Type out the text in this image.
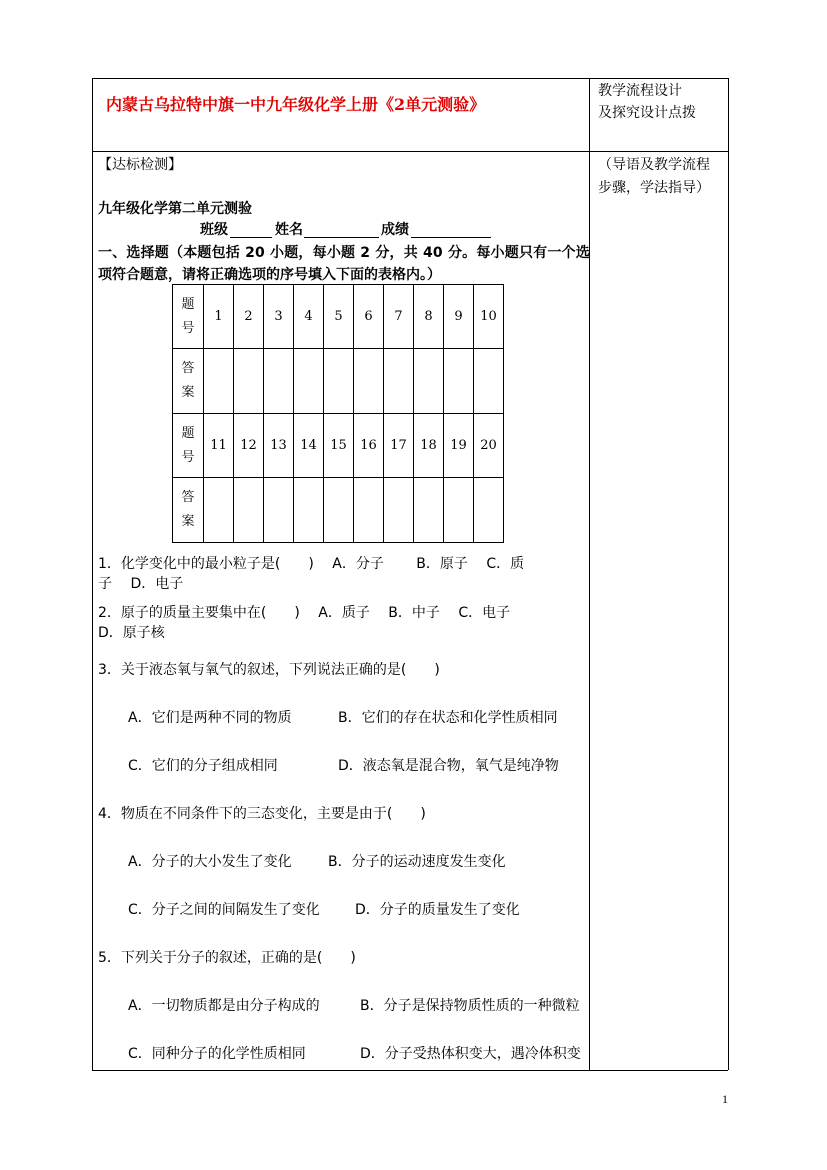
内蒙古乌拉特中旗一中九年级化学上册《2单元测验》
教学流程设计
及探究设计点拨
【达标检测】	（导语及教学流程
步骤，学法指导）
九年级化学第二单元测验
班级	姓名	成绩
一、选择题（本题包括 20 小题，每小题 2 分，共 40 分。每小题只有一个选
项符合题意，请将正确选项的序号填入下面的表格内。）
题
号	1	2	3	4	5	6	7	8	9	10
答
案										
题
号	11	12	13	14	15	16	17	18	19	20
答
案										
1．化学变化中的最小粒子是(　　)　 A．分子　　 B．原子　 C．质
子　 D．电子
2．原子的质量主要集中在(　　)　 A．质子　 B．中子　 C．电子
D．原子核
3．关于液态氧与氧气的叙述，下列说法正确的是(　　)
A．它们是两种不同的物质	B．它们的存在状态和化学性质相同
C．它们的分子组成相同	D．液态氧是混合物，氧气是纯净物
4．物质在不同条件下的三态变化，主要是由于(　　)
A．分子的大小发生了变化	B．分子的运动速度发生变化
C．分子之间的间隔发生了变化	D．分子的质量发生了变化
5．下列关于分子的叙述，正确的是(　　)
A．一切物质都是由分子构成的	B．分子是保持物质性质的一种微粒
C．同种分子的化学性质相同	D．分子受热体积变大，遇冷体积变
1
